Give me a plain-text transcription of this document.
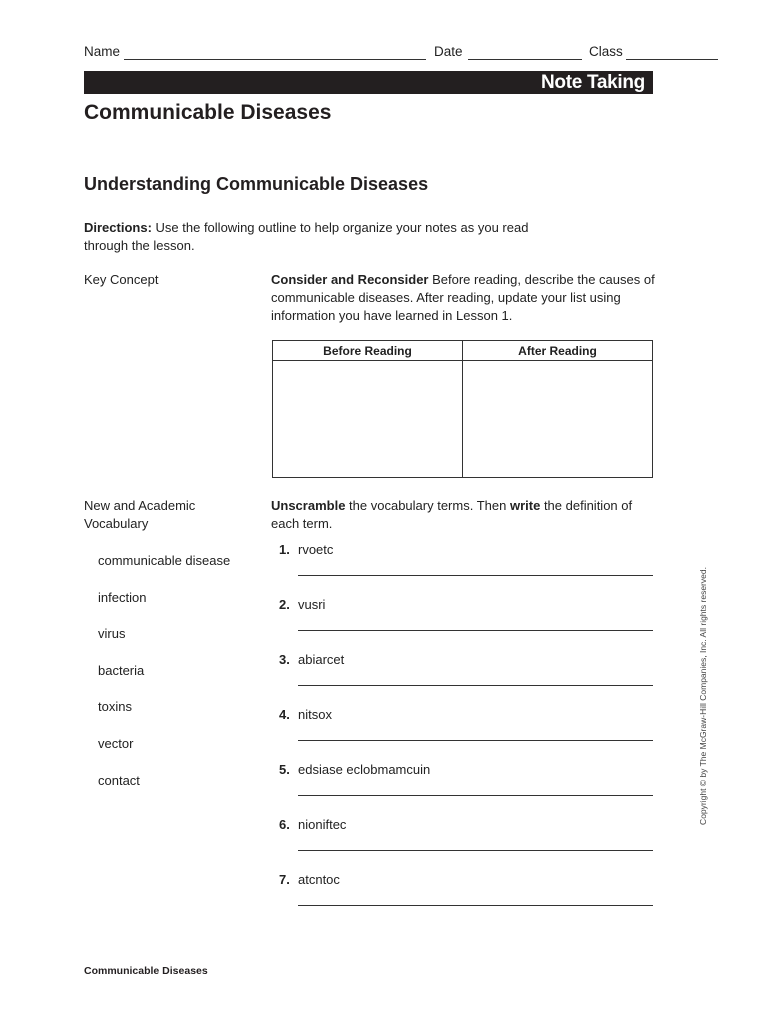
Name	Date	Class
Note Taking
Communicable Diseases
Understanding Communicable Diseases

Directions: Use the following outline to help organize your notes as you read through the lesson.

Key Concept	Consider and Reconsider Before reading, describe the causes of communicable diseases. After reading, update your list using information you have learned in Lesson 1.

Before Reading	After Reading

New and Academic Vocabulary

Unscramble the vocabulary terms. Then write the definition of each term.

communicable disease
infection
virus
bacteria
toxins
vector
contact
1. rvoetc
2. vusri
3. abiarcet
4. nitsox
5. edsiase eclobmamcuin
6. nioniftec
7. atcntoc
Copyright © by The McGraw-Hill Companies, Inc. All rights reserved.
Communicable Diseases
